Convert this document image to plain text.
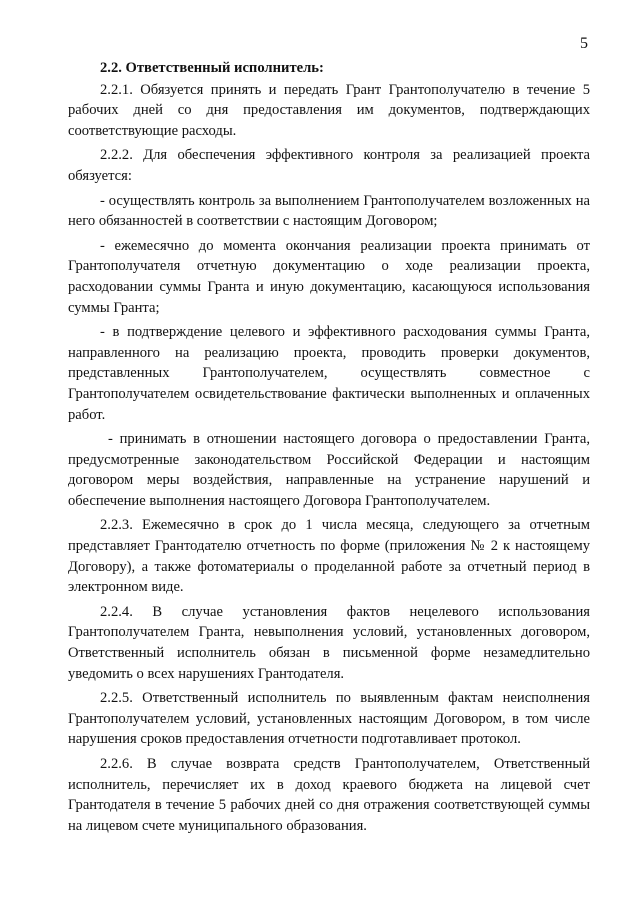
5

2.2. Ответственный исполнитель:

2.2.1. Обязуется принять и передать Грант Грантополучателю в течение 5 рабочих дней со дня предоставления им документов, подтверждающих соответствующие расходы.

2.2.2. Для обеспечения эффективного контроля за реализацией проекта обязуется:

- осуществлять контроль за выполнением Грантополучателем возложенных на него обязанностей в соответствии с настоящим Договором;

- ежемесячно до момента окончания реализации проекта принимать от Грантополучателя отчетную документацию о ходе реализации проекта, расходовании суммы Гранта и иную документацию, касающуюся использования суммы Гранта;

- в подтверждение целевого и эффективного расходования суммы Гранта, направленного на реализацию проекта, проводить проверки документов, представленных Грантополучателем, осуществлять совместное с Грантополучателем освидетельствование фактически выполненных и оплаченных работ.

- принимать в отношении настоящего договора о предоставлении Гранта, предусмотренные законодательством Российской Федерации и настоящим договором меры воздействия, направленные на устранение нарушений и обеспечение выполнения настоящего Договора Грантополучателем.

2.2.3. Ежемесячно в срок до 1 числа месяца, следующего за отчетным представляет Грантодателю отчетность по форме (приложения № 2 к настоящему Договору), а также фотоматериалы о проделанной работе за отчетный период в электронном виде.

2.2.4. В случае установления фактов нецелевого использования Грантополучателем Гранта, невыполнения условий, установленных договором, Ответственный исполнитель обязан в письменной форме незамедлительно уведомить о всех нарушениях Грантодателя.

2.2.5. Ответственный исполнитель по выявленным фактам неисполнения Грантополучателем условий, установленных настоящим Договором, в том числе нарушения сроков предоставления отчетности подготавливает протокол.

2.2.6. В случае возврата средств Грантополучателем, Ответственный исполнитель, перечисляет их в доход краевого бюджета на лицевой счет Грантодателя в течение 5 рабочих дней со дня отражения соответствующей суммы на лицевом счете муниципального образования.
